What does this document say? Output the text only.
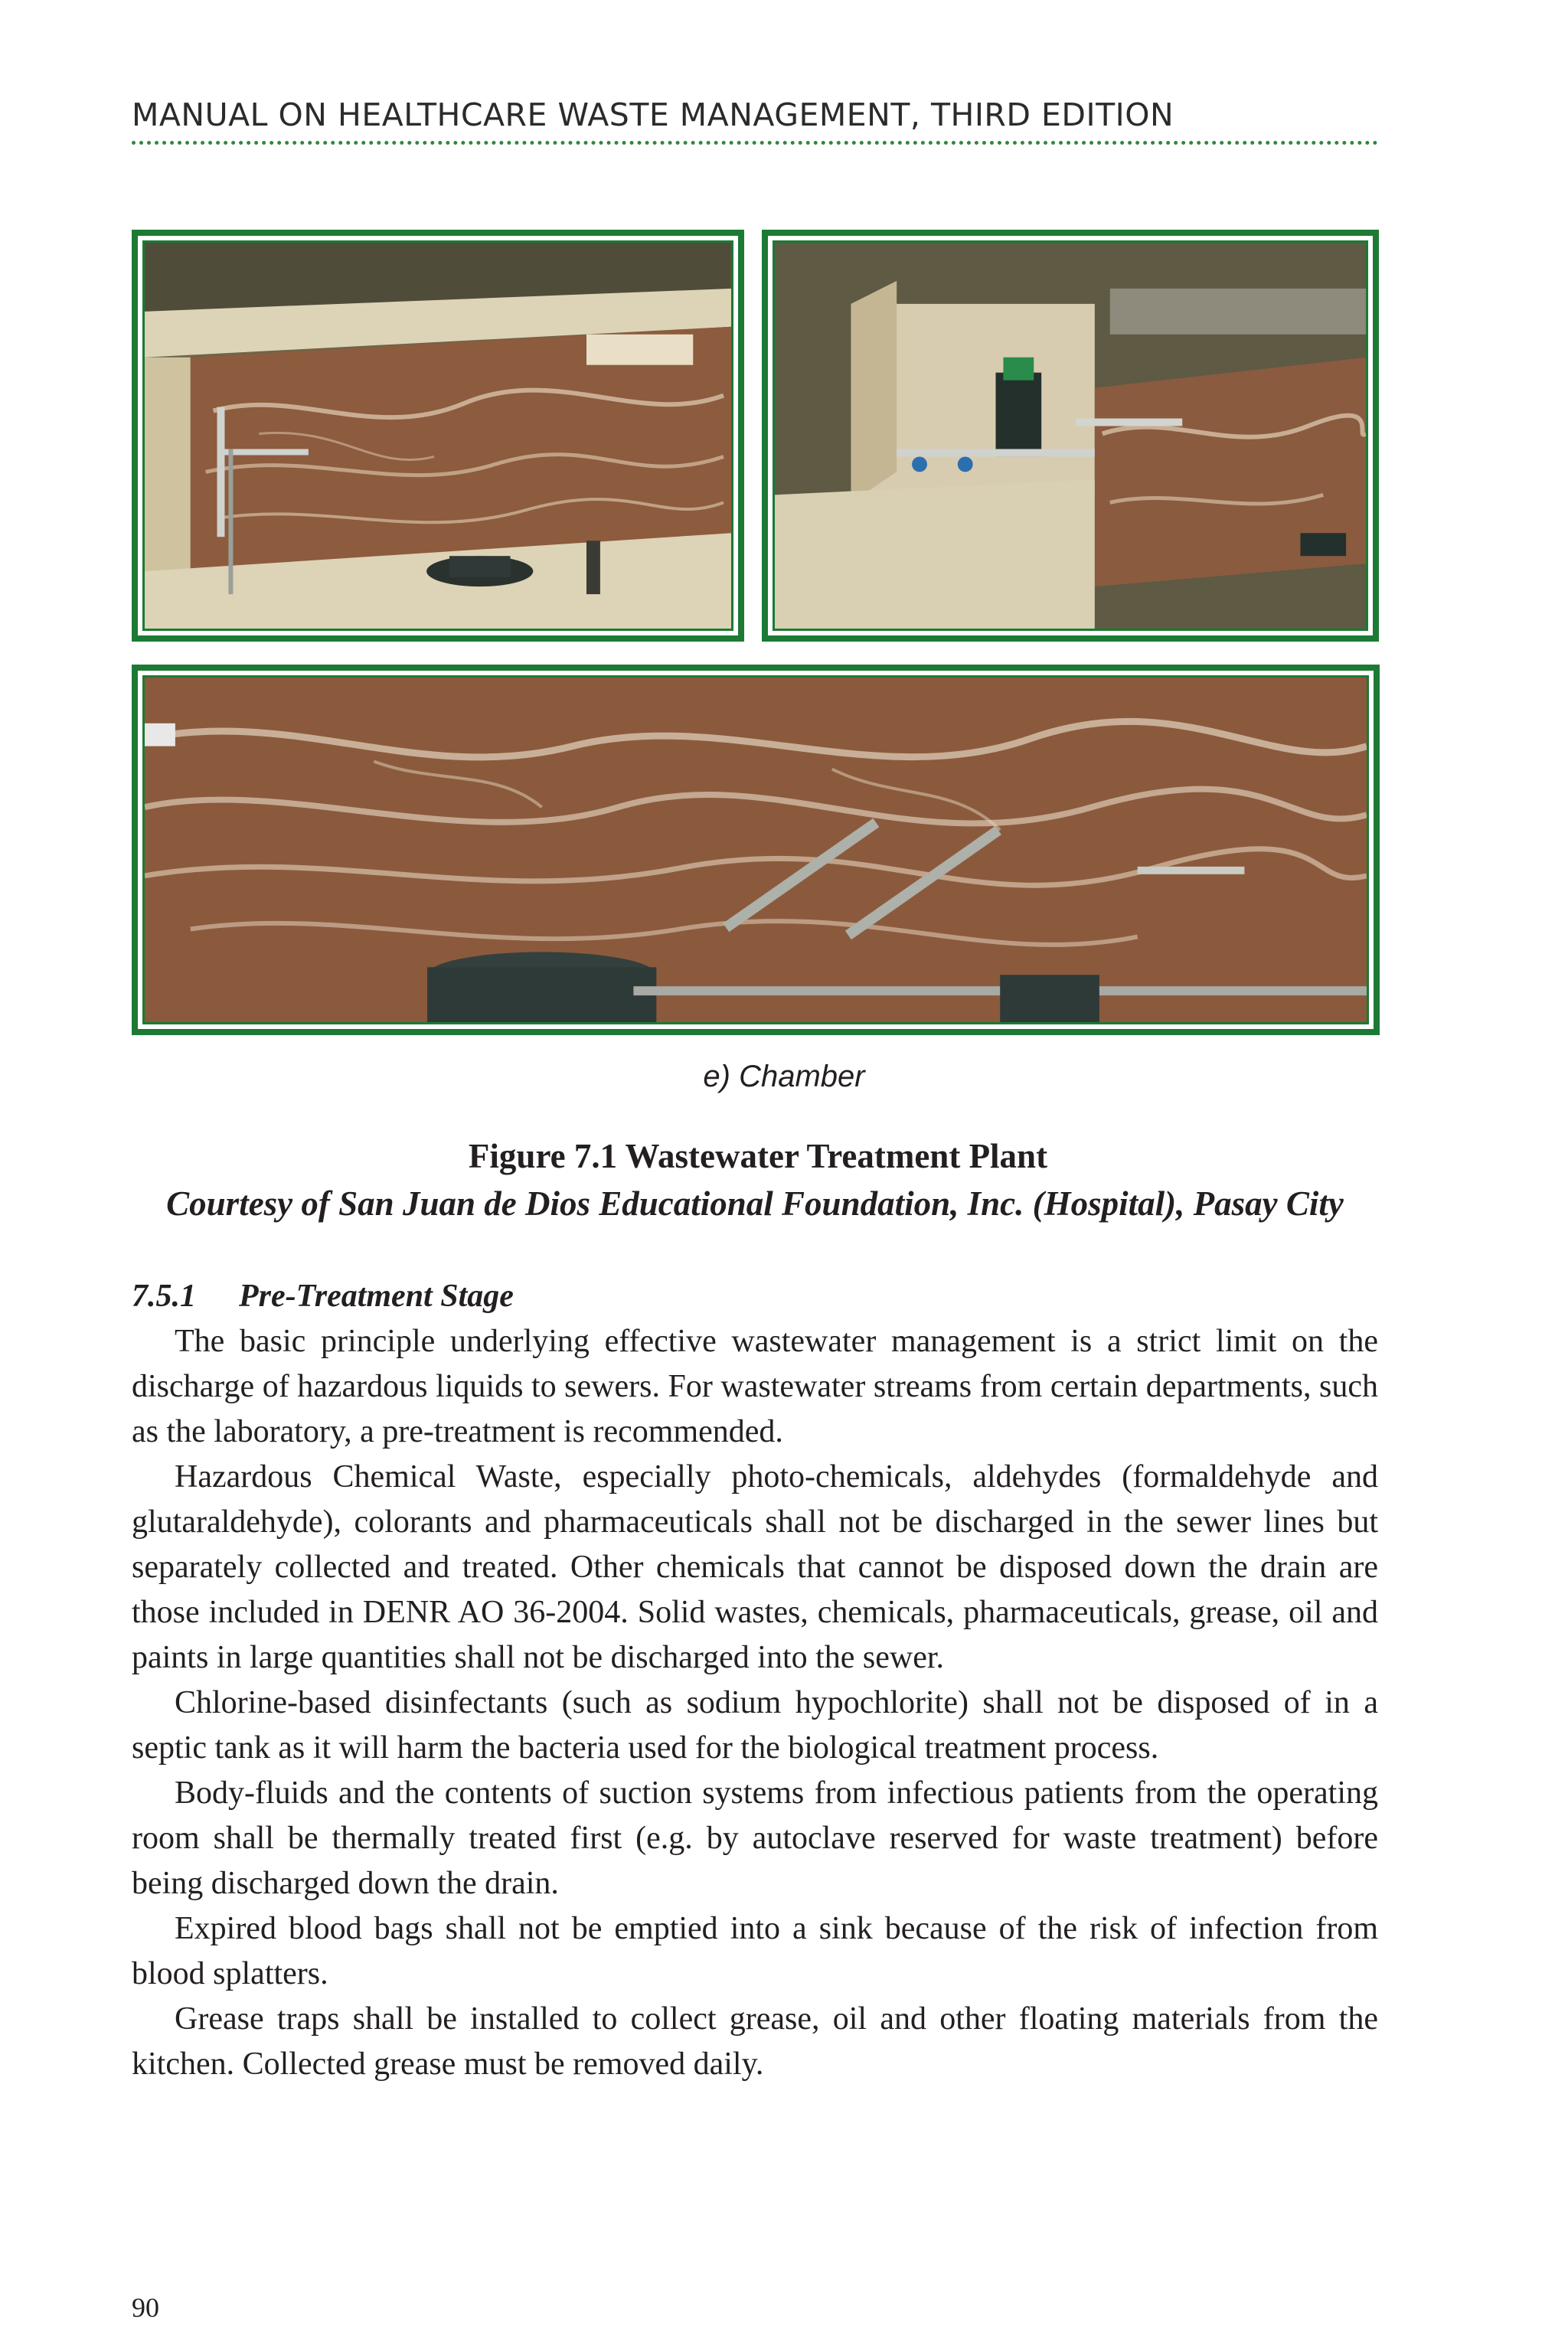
MANUAL ON HEALTHCARE WASTE MANAGEMENT, THIRD EDITION
e) Chamber
Figure 7.1 Wastewater Treatment Plant
Courtesy of San Juan de Dios Educational Foundation, Inc. (Hospital), Pasay City
7.5.1 Pre-Treatment Stage

The basic principle underlying effective wastewater management is a strict limit on the discharge of hazardous liquids to sewers. For wastewater streams from certain departments, such as the laboratory, a pre-treatment is recommended.

Hazardous Chemical Waste, especially photo-chemicals, aldehydes (formaldehyde and glutaraldehyde), colorants and pharmaceuticals shall not be discharged in the sewer lines but separately collected and treated. Other chemicals that cannot be disposed down the drain are those included in DENR AO 36-2004. Solid wastes, chemicals, pharmaceuticals, grease, oil and paints in large quantities shall not be discharged into the sewer.

Chlorine-based disinfectants (such as sodium hypochlorite) shall not be disposed of in a septic tank as it will harm the bacteria used for the biological treatment process.

Body-fluids and the contents of suction systems from infectious patients from the operating room shall be thermally treated first (e.g. by autoclave reserved for waste treatment) before being discharged down the drain.

Expired blood bags shall not be emptied into a sink because of the risk of infection from blood splatters.

Grease traps shall be installed to collect grease, oil and other floating materials from the kitchen. Collected grease must be removed daily.

90
